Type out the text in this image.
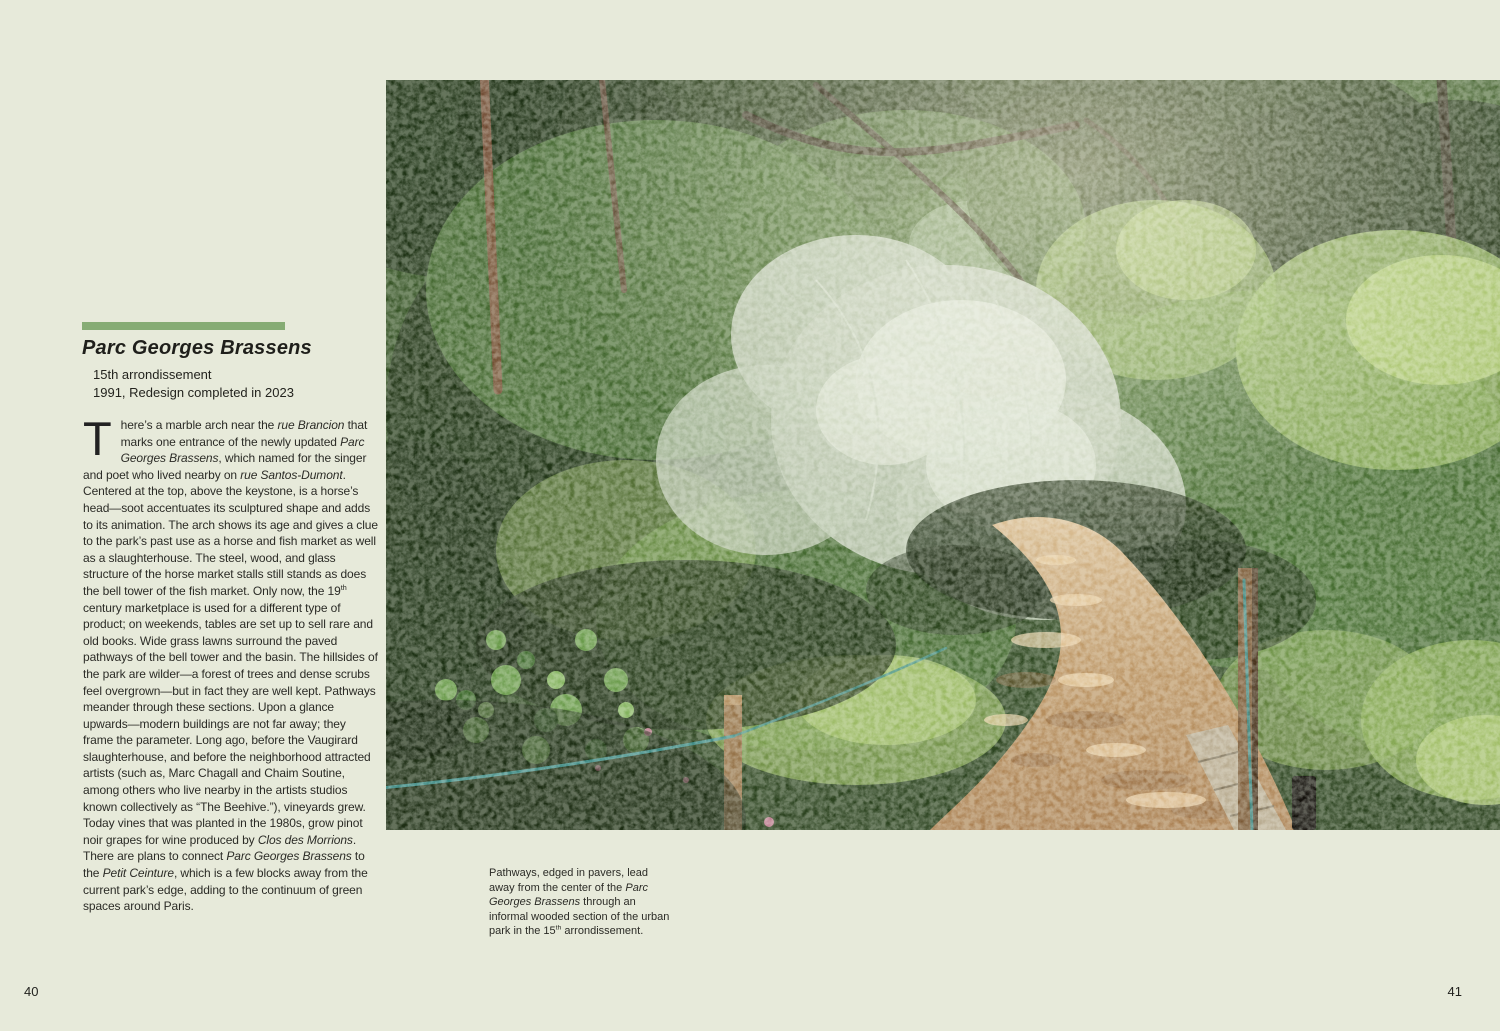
Parc Georges Brassens
15th arrondissement
1991, Redesign completed in 2023

There’s a marble arch near the rue Brancion that marks one entrance of the newly updated Parc Georges Brassens, which named for the singer and poet who lived nearby on rue Santos-Dumont. Centered at the top, above the keystone, is a horse’s head—soot accentuates its sculptured shape and adds to its animation. The arch shows its age and gives a clue to the park’s past use as a horse and fish market as well as a slaughterhouse. The steel, wood, and glass structure of the horse market stalls still stands as does the bell tower of the fish market. Only now, the 19th century marketplace is used for a different type of product; on weekends, tables are set up to sell rare and old books. Wide grass lawns surround the paved pathways of the bell tower and the basin. The hillsides of the park are wilder—a forest of trees and dense scrubs feel overgrown—but in fact they are well kept. Pathways meander through these sections. Upon a glance upwards—modern buildings are not far away; they frame the parameter. Long ago, before the Vaugirard slaughterhouse, and before the neighborhood attracted artists (such as, Marc Chagall and Chaim Soutine, among others who live nearby in the artists studios known collectively as “The Beehive.”), vineyards grew. Today vines that was planted in the 1980s, grow pinot noir grapes for wine produced by Clos des Morrions. There are plans to connect Parc Georges Brassens to the Petit Ceinture, which is a few blocks away from the current park’s edge, adding to the continuum of green spaces around Paris.

Pathways, edged in pavers, lead away from the center of the Parc Georges Brassens through an informal wooded section of the urban park in the 15th arrondissement.

40	41
